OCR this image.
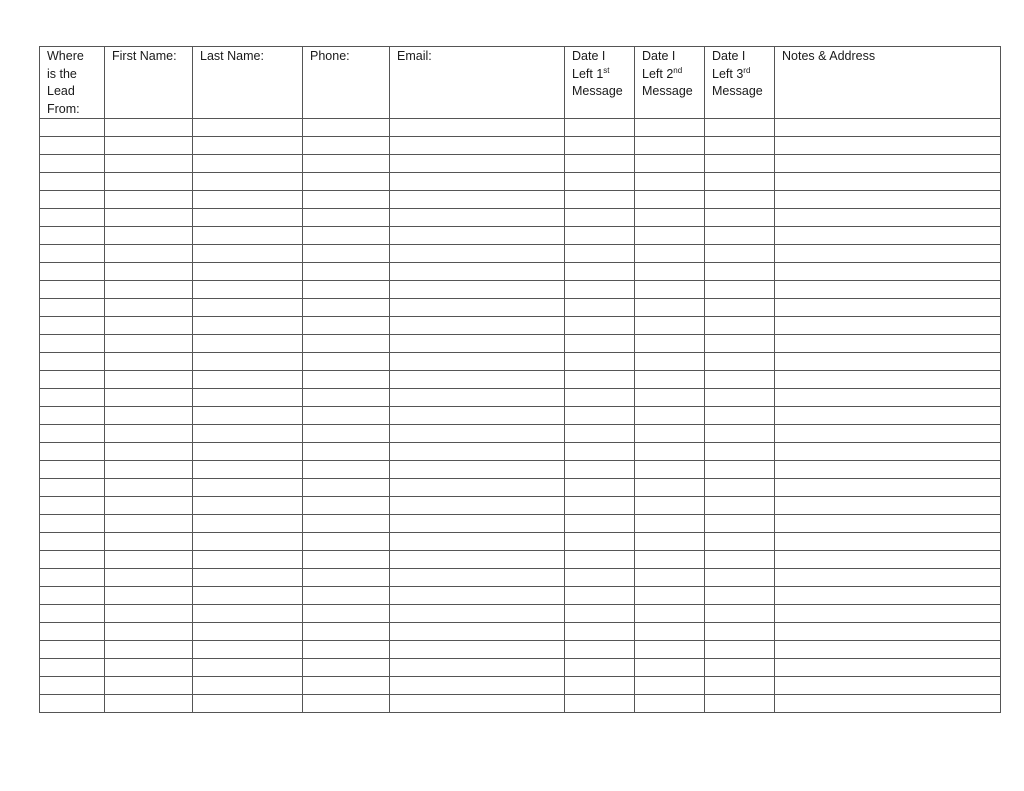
Where
is the
Lead
From:	First Name:	Last Name:	Phone:	Email:	Date I
Left 1st
Message	Date I
Left 2nd
Message	Date I
Left 3rd
Message	Notes & Address
